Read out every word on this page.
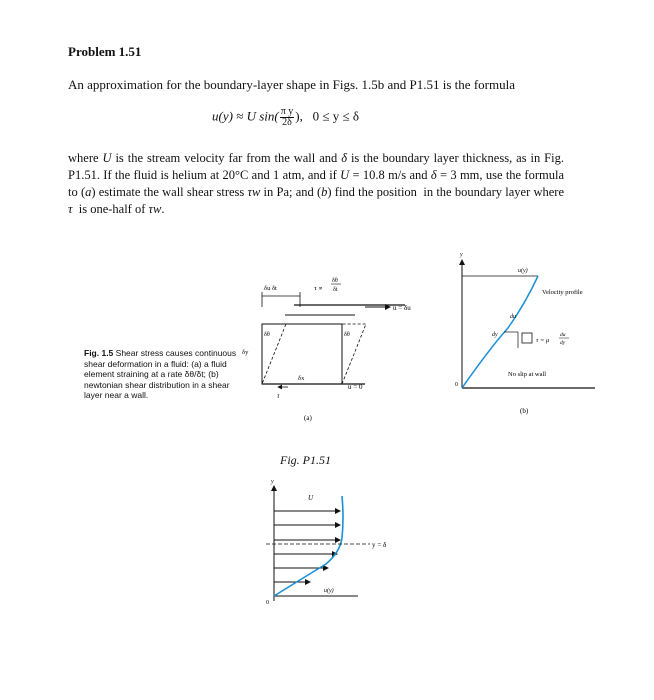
Problem 1.51
An approximation for the boundary-layer shape in Figs. 1.5b and P1.51 is the formula
u(y) ≈ U $\sin( \frac{\text{π y}}{2\delta}$ ),   0 ≤ y ≤ δ
where U is the stream velocity far from the wall and δ is the boundary layer thickness, as in Fig. P1.51. If the fluid is helium at 20°C and 1 atm, and if U = 10.8 m/s and δ = 3 mm, use the formula to (a) estimate the wall shear stress τw in Pa; and (b) find the position  in the boundary layer where  τ  is one-half of τw.
Fig. 1.5 Shear stress causes continuous shear deformation in a fluid: (a) a fluid element straining at a rate δθ/δt; (b) newtonian shear distribution in a shear layer near a wall.
u = δu
δu δt	τ ∝
δθ
δt
δθ	δθ
δy
δx
u = 0
τ
(a)
y
u(y)
Velocity profile
du
dy
τ = μ
du
dy
No slip at wall
0
(b)
Fig. P1.51
y
U
0
y = δ
u(y)
